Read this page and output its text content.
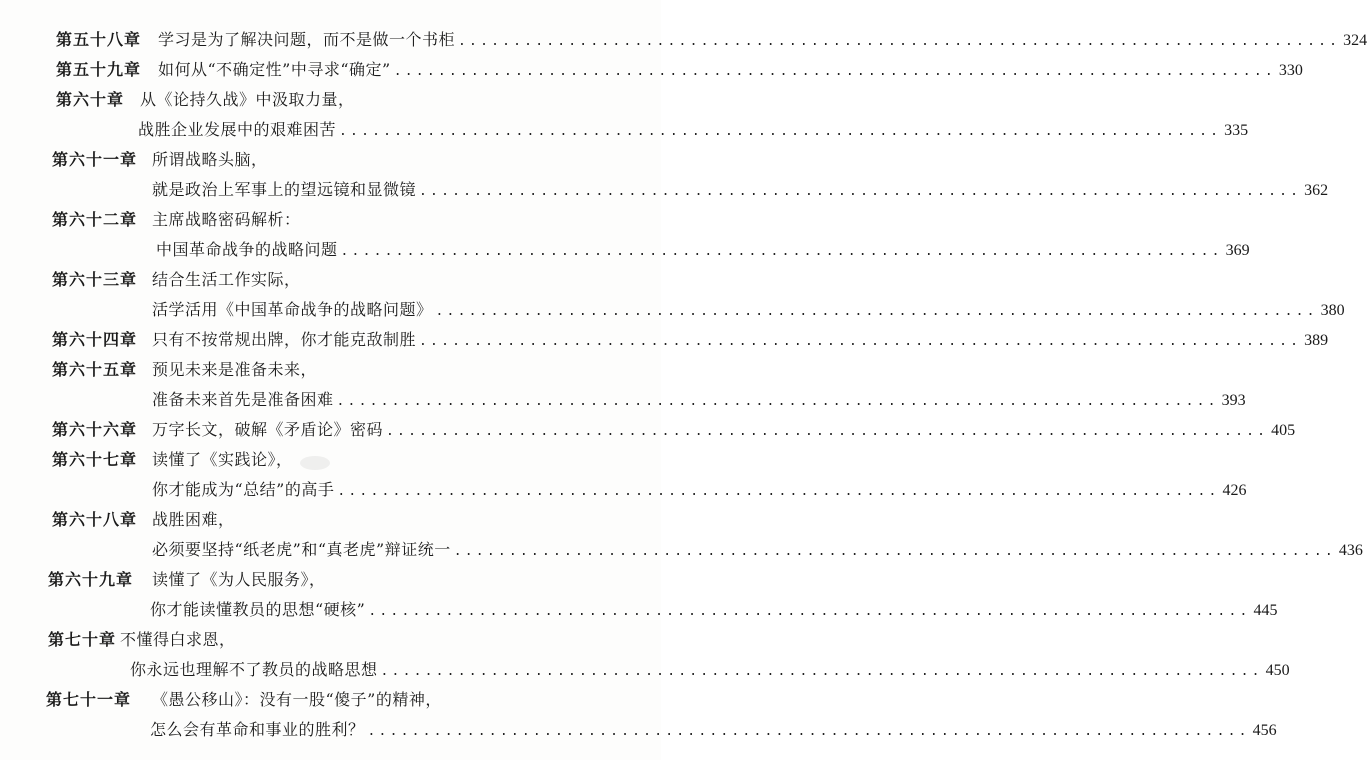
第五十八章	学习是为了解决问题，而不是做一个书柜 ................................................................................ 324
第五十九章	如何从“不确定性”中寻求“确定” ................................................................................ 330
第六十章 从《论持久战》中汲取力量，
战胜企业发展中的艰难困苦 ................................................................................ 335
第六十一章 所谓战略头脑，
就是政治上军事上的望远镜和显微镜 ................................................................................ 362
第六十二章 主席战略密码解析：
中国革命战争的战略问题 ................................................................................ 369
第六十三章 结合生活工作实际，
活学活用《中国革命战争的战略问题》 ................................................................................ 380
第六十四章 只有不按常规出牌，你才能克敌制胜 ................................................................................ 389
第六十五章 预见未来是准备未来，
准备未来首先是准备困难 ................................................................................ 393
第六十六章 万字长文，破解《矛盾论》密码 ................................................................................ 405
第六十七章 读懂了《实践论》，
你才能成为“总结”的高手 ................................................................................ 426
第六十八章 战胜困难，
必须要坚持“纸老虎”和“真老虎”辩证统一 ................................................................................ 436
第六十九章	读懂了《为人民服务》，
你才能读懂教员的思想“硬核” ................................................................................ 445
第七十章 不懂得白求恩，
你永远也理解不了教员的战略思想 ................................................................................ 450
第七十一章	《愚公移山》：没有一股“傻子”的精神，
怎么会有革命和事业的胜利？ ................................................................................ 456
